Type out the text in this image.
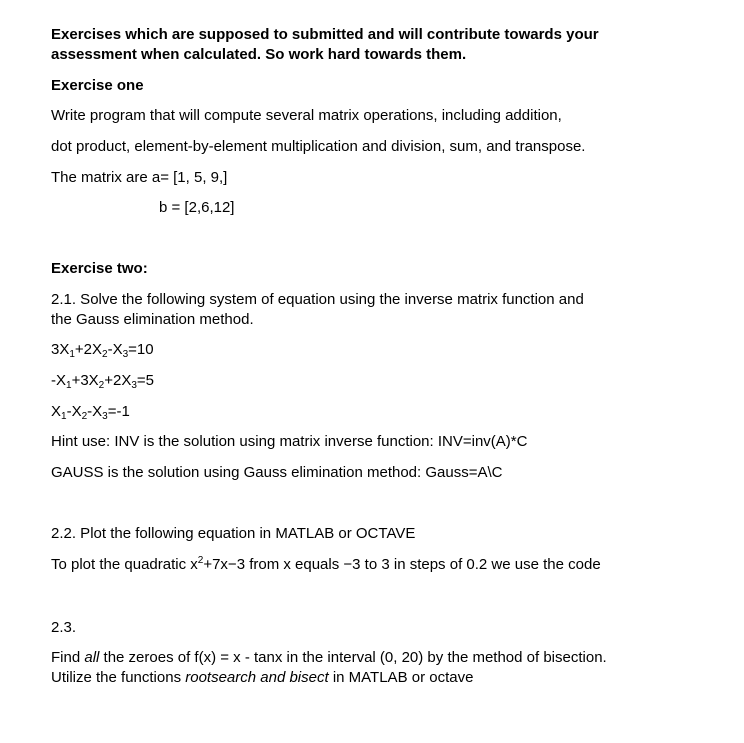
Exercises which are supposed to submitted and will contribute towards your
assessment when calculated. So work hard towards them.
Exercise one
Write program that will compute several matrix operations, including addition,
dot product, element-by-element multiplication and division, sum, and transpose.
The matrix are a= [1, 5, 9,]
b = [2,6,12]
Exercise two:
2.1. Solve the following system of equation using the inverse matrix function and
the Gauss elimination method.
$3X_1+2X_2-X_3=10$
$-X_1+3X_2+2X_3=5$
$X_1-X_2-X_3=-1$
Hint use: INV is the solution using matrix inverse function: INV=inv(A)*C
GAUSS is the solution using Gauss elimination method: Gauss=A\C
2.2. Plot the following equation in MATLAB or OCTAVE
To plot the quadratic $x^2+7x-3$ from x equals −3 to 3 in steps of 0.2 we use the code
2.3.
Find all the zeroes of f(x) = x - tanx in the interval (0, 20) by the method of bisection.
Utilize the functions rootsearch and bisect in MATLAB or octave
